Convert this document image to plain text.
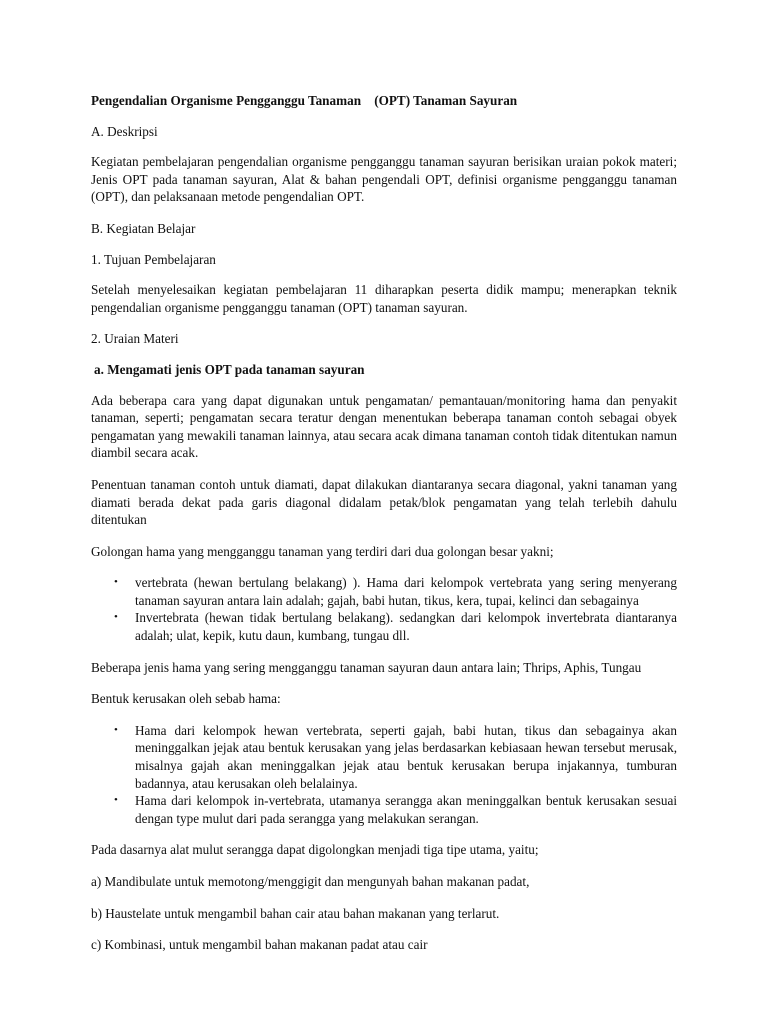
Pengendalian Organisme Pengganggu Tanaman    (OPT) Tanaman Sayuran
A. Deskripsi
Kegiatan pembelajaran pengendalian organisme pengganggu tanaman sayuran berisikan uraian pokok materi; Jenis OPT pada tanaman sayuran, Alat & bahan pengendali OPT, definisi organisme pengganggu tanaman (OPT), dan pelaksanaan metode pengendalian OPT.
B. Kegiatan Belajar
1. Tujuan Pembelajaran
Setelah menyelesaikan kegiatan pembelajaran 11 diharapkan peserta didik mampu; menerapkan teknik pengendalian organisme pengganggu tanaman (OPT) tanaman sayuran.
2. Uraian Materi
a. Mengamati jenis OPT pada tanaman sayuran
Ada beberapa cara yang dapat digunakan untuk pengamatan/ pemantauan/monitoring hama dan penyakit tanaman, seperti; pengamatan secara teratur dengan menentukan beberapa tanaman contoh sebagai obyek pengamatan yang mewakili tanaman lainnya, atau secara acak dimana tanaman contoh tidak ditentukan namun diambil secara acak.
Penentuan tanaman contoh untuk diamati, dapat dilakukan diantaranya secara diagonal, yakni tanaman yang diamati berada dekat pada garis diagonal didalam petak/blok pengamatan yang telah terlebih dahulu ditentukan
Golongan hama yang mengganggu tanaman yang terdiri dari dua golongan besar yakni;
• vertebrata (hewan bertulang belakang) ). Hama dari kelompok vertebrata yang sering menyerang tanaman sayuran antara lain adalah; gajah, babi hutan, tikus, kera, tupai, kelinci dan sebagainya
• Invertebrata (hewan tidak bertulang belakang). sedangkan dari kelompok invertebrata diantaranya adalah; ulat, kepik, kutu daun, kumbang, tungau dll.
Beberapa jenis hama yang sering mengganggu tanaman sayuran daun antara lain; Thrips, Aphis, Tungau
Bentuk kerusakan oleh sebab hama:
• Hama dari kelompok hewan vertebrata, seperti gajah, babi hutan, tikus dan sebagainya akan meninggalkan jejak atau bentuk kerusakan yang jelas berdasarkan kebiasaan hewan tersebut merusak, misalnya gajah akan meninggalkan jejak atau bentuk kerusakan berupa injakannya, tumburan badannya, atau kerusakan oleh belalainya.
• Hama dari kelompok in-vertebrata, utamanya serangga akan meninggalkan bentuk kerusakan sesuai dengan type mulut dari pada serangga yang melakukan serangan.
Pada dasarnya alat mulut serangga dapat digolongkan menjadi tiga tipe utama, yaitu;
a) Mandibulate untuk memotong/menggigit dan mengunyah bahan makanan padat,
b) Haustelate untuk mengambil bahan cair atau bahan makanan yang terlarut.
c) Kombinasi, untuk mengambil bahan makanan padat atau cair
